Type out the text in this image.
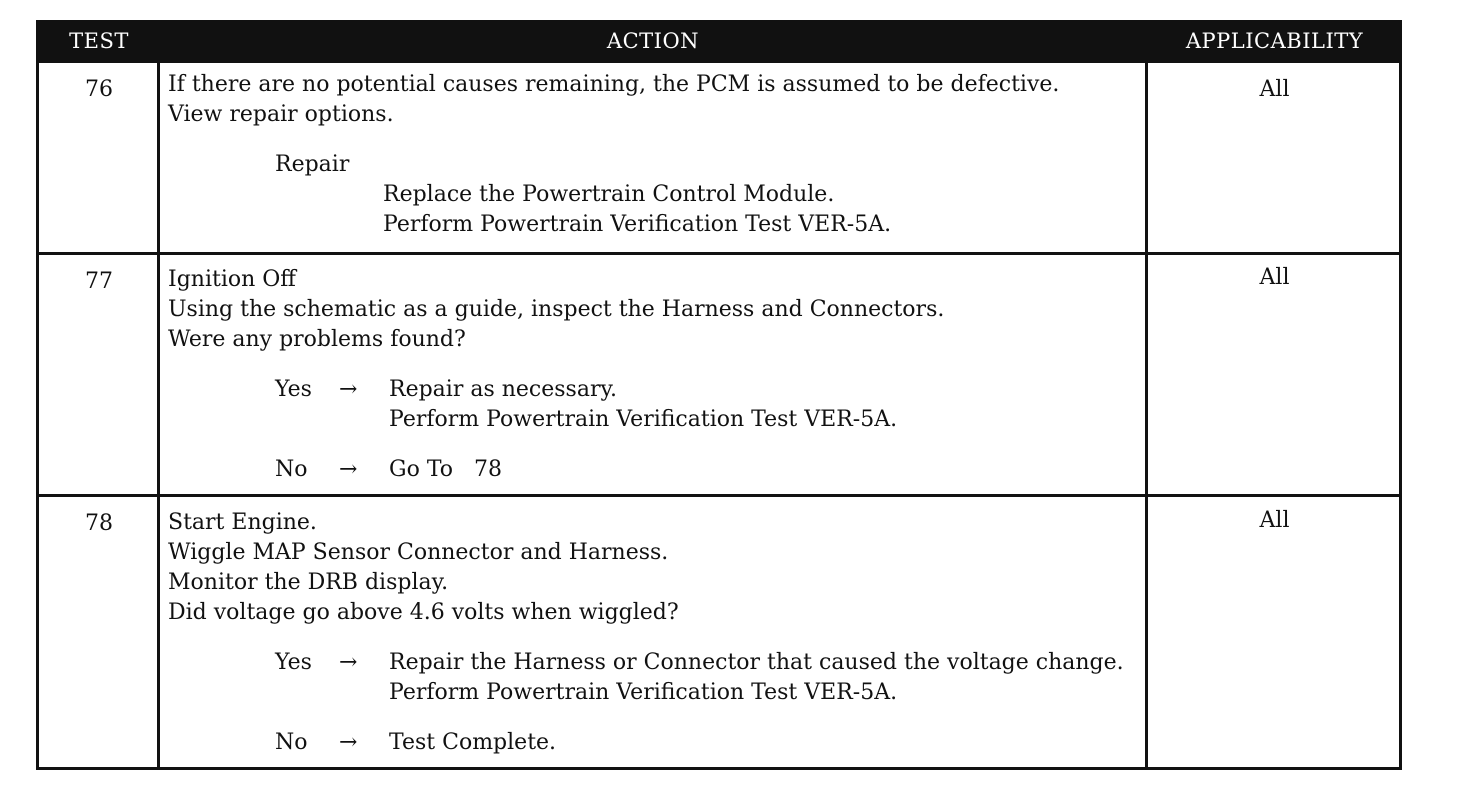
TEST	ACTION	APPLICABILITY
76	If there are no potential causes remaining, the PCM is assumed to be defective.
View repair options.
Repair
Replace the Powertrain Control Module.
Perform Powertrain Verification Test VER-5A.
All
77	Ignition Off
Using the schematic as a guide, inspect the Harness and Connectors.
Were any problems found?
Yes → Repair as necessary.
Perform Powertrain Verification Test VER-5A.
No → Go To   78
All
78	Start Engine.
Wiggle MAP Sensor Connector and Harness.
Monitor the DRB display.
Did voltage go above 4.6 volts when wiggled?
Yes → Repair the Harness or Connector that caused the voltage change.
Perform Powertrain Verification Test VER-5A.
No → Test Complete.
All
